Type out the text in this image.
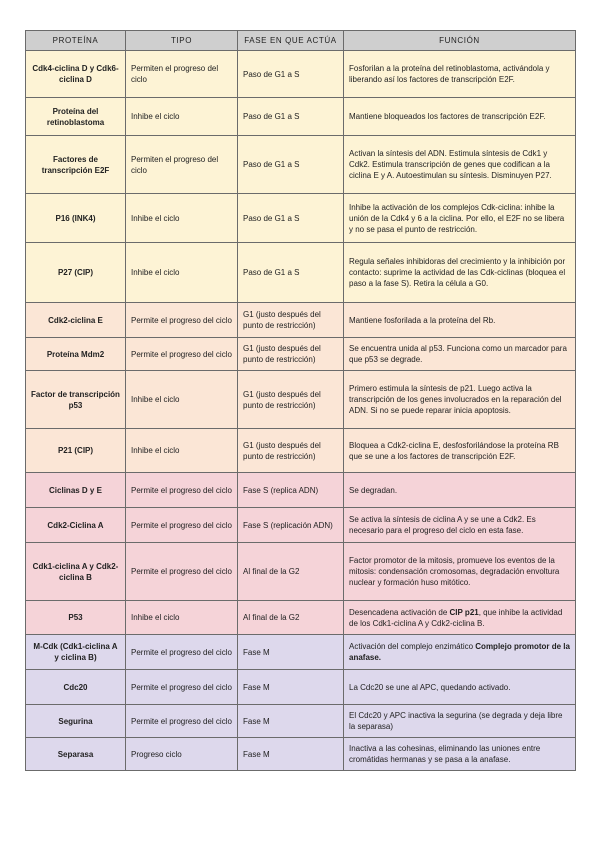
PROTEÍNA	TIPO	FASE EN QUE ACTÚA	FUNCIÓN
Cdk4-ciclina D y Cdk6-ciclina D	Permiten el progreso del ciclo	Paso de G1 a S	Fosforilan a la proteína del retinoblastoma, activándola y liberando así los factores de transcripción E2F.
Proteína del retinoblastoma	Inhibe el ciclo	Paso de G1 a S	Mantiene bloqueados los factores de transcripción E2F.
Factores de transcripción E2F	Permiten el progreso del ciclo	Paso de G1 a S	Activan la síntesis del ADN. Estimula síntesis de Cdk1 y Cdk2. Estimula transcripción de genes que codifican a la ciclina E y A. Autoestimulan su síntesis. Disminuyen P27.
P16 (INK4)	Inhibe el ciclo	Paso de G1 a S	Inhibe la activación de los complejos Cdk-ciclina: inhibe la unión de la Cdk4 y 6 a la ciclina. Por ello, el E2F no se libera y no se pasa el punto de restricción.
P27 (CIP)	Inhibe el ciclo	Paso de G1 a S	Regula señales inhibidoras del crecimiento y la inhibición por contacto: suprime la actividad de las Cdk-ciclinas (bloquea el paso a la fase S). Retira la célula a G0.
Cdk2-ciclina E	Permite el progreso del ciclo	G1 (justo después del punto de restricción)	Mantiene fosforilada a la proteína del Rb.
Proteína Mdm2	Permite el progreso del ciclo	G1 (justo después del punto de restricción)	Se encuentra unida al p53. Funciona como un marcador para que p53 se degrade.
Factor de transcripción p53	Inhibe el ciclo	G1 (justo después del punto de restricción)	Primero estimula la síntesis de p21. Luego activa la transcripción de los genes involucrados en la reparación del ADN. Si no se puede reparar inicia apoptosis.
P21 (CIP)	Inhibe el ciclo	G1 (justo después del punto de restricción)	Bloquea a Cdk2-ciclina E, desfosforilándose la proteína RB que se une a los factores de transcripción E2F.
Ciclinas D y E	Permite el progreso del ciclo	Fase S (replica ADN)	Se degradan.
Cdk2-Ciclina A	Permite el progreso del ciclo	Fase S (replicación ADN)	Se activa la síntesis de ciclina A y se une a Cdk2. Es necesario para el progreso del ciclo en esta fase.
Cdk1-ciclina A y Cdk2-ciclina B	Permite el progreso del ciclo	Al final de la G2	Factor promotor de la mitosis, promueve los eventos de la mitosis: condensación cromosomas, degradación envoltura nuclear y formación huso mitótico.
P53	Inhibe el ciclo	Al final de la G2	Desencadena activación de CIP p21, que inhibe la actividad de los Cdk1-ciclina A y Cdk2-ciclina B.
M-Cdk (Cdk1-ciclina A y ciclina B)	Permite el progreso del ciclo	Fase M	Activación del complejo enzimático Complejo promotor de la anafase.
Cdc20	Permite el progreso del ciclo	Fase M	La Cdc20 se une al APC, quedando activado.
Segurina	Permite el progreso del ciclo	Fase M	El Cdc20 y APC inactiva la segurina (se degrada y deja libre la separasa)
Separasa	Progreso ciclo	Fase M	Inactiva a las cohesinas, eliminando las uniones entre cromátidas hermanas y se pasa a la anafase.
